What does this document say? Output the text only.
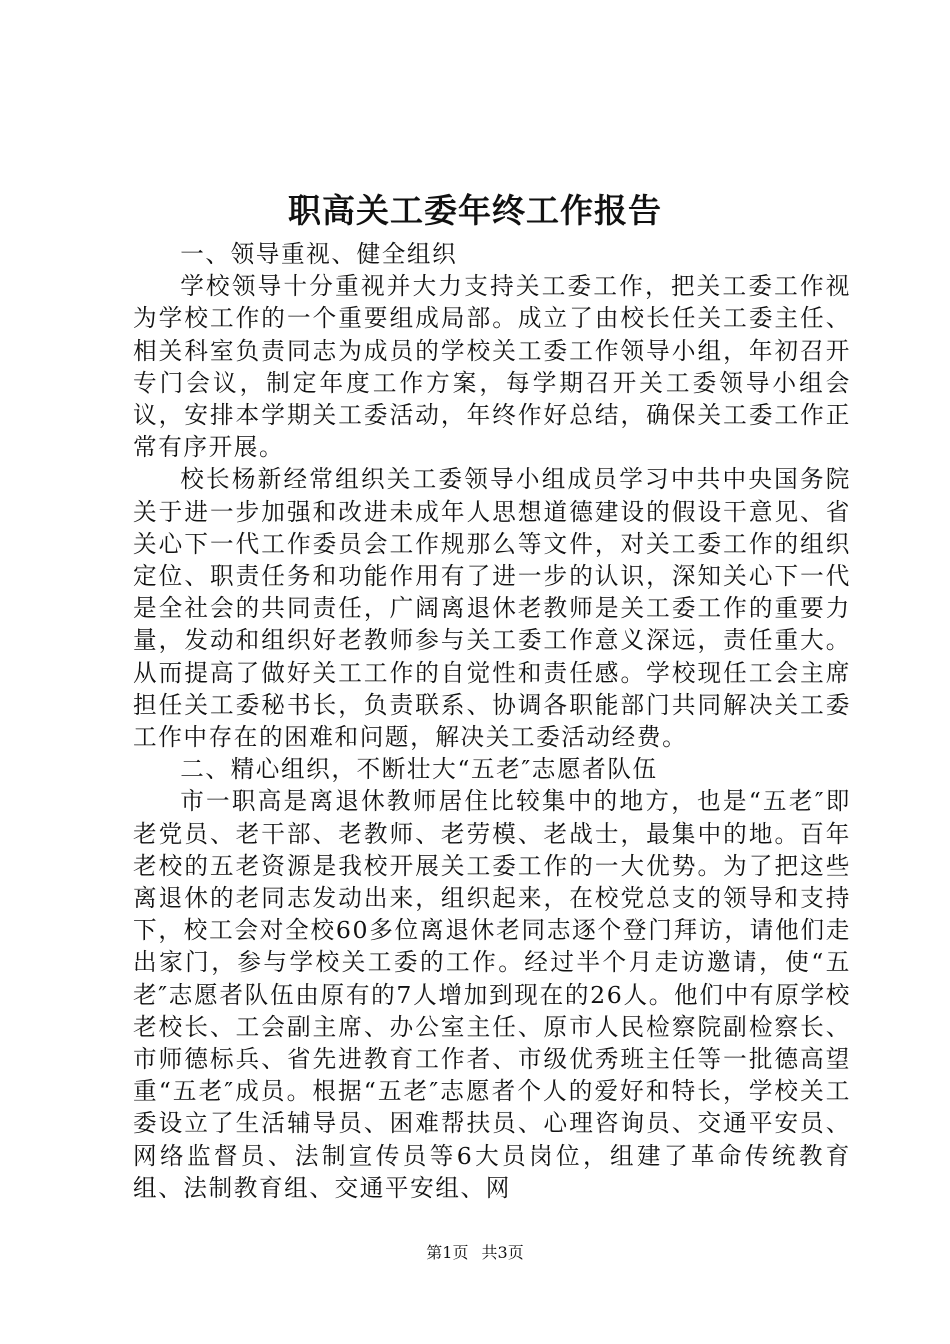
职高关工委年终工作报告

一、领导重视、健全组织

学校领导十分重视并大力支持关工委工作，把关工委工作视为学校工作的一个重要组成局部。成立了由校长任关工委主任、相关科室负责同志为成员的学校关工委工作领导小组，年初召开专门会议，制定年度工作方案，每学期召开关工委领导小组会议，安排本学期关工委活动，年终作好总结，确保关工委工作正常有序开展。

校长杨新经常组织关工委领导小组成员学习中共中央国务院关于进一步加强和改进未成年人思想道德建设的假设干意见、省关心下一代工作委员会工作规那么等文件，对关工委工作的组织定位、职责任务和功能作用有了进一步的认识，深知关心下一代是全社会的共同责任，广阔离退休老教师是关工委工作的重要力量，发动和组织好老教师参与关工委工作意义深远，责任重大。从而提高了做好关工工作的自觉性和责任感。学校现任工会主席担任关工委秘书长，负责联系、协调各职能部门共同解决关工委工作中存在的困难和问题，解决关工委活动经费。

二、精心组织，不断壮大“五老″志愿者队伍

市一职高是离退休教师居住比较集中的地方，也是“五老″即老党员、老干部、老教师、老劳模、老战士，最集中的地。百年老校的五老资源是我校开展关工委工作的一大优势。为了把这些离退休的老同志发动出来，组织起来，在校党总支的领导和支持下，校工会对全校60多位离退休老同志逐个登门拜访，请他们走出家门，参与学校关工委的工作。经过半个月走访邀请，使“五老″志愿者队伍由原有的7人增加到现在的26人。他们中有原学校老校长、工会副主席、办公室主任、原市人民检察院副检察长、市师德标兵、省先进教育工作者、市级优秀班主任等一批德高望重“五老″成员。根据“五老″志愿者个人的爱好和特长，学校关工委设立了生活辅导员、困难帮扶员、心理咨询员、交通平安员、网络监督员、法制宣传员等6大员岗位，组建了革命传统教育组、法制教育组、交通平安组、网

第1页 共3页
